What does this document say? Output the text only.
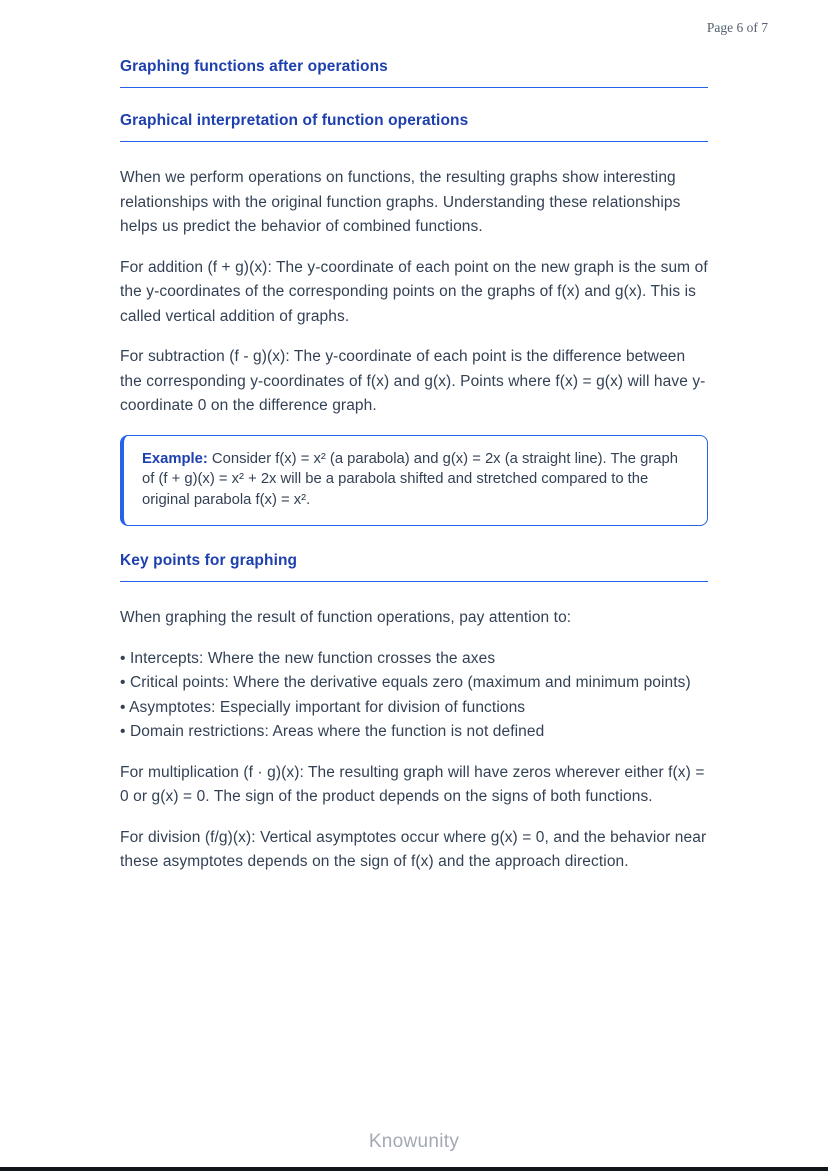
Page 6 of 7
Graphing functions after operations
Graphical interpretation of function operations

When we perform operations on functions, the resulting graphs show interesting relationships with the original function graphs. Understanding these relationships helps us predict the behavior of combined functions.

For addition (f + g)(x): The y-coordinate of each point on the new graph is the sum of the y-coordinates of the corresponding points on the graphs of f(x) and g(x). This is called vertical addition of graphs.

For subtraction (f - g)(x): The y-coordinate of each point is the difference between the corresponding y-coordinates of f(x) and g(x). Points where f(x) = g(x) will have y-coordinate 0 on the difference graph.

Example: Consider f(x) = x² (a parabola) and g(x) = 2x (a straight line). The graph of (f + g)(x) = x² + 2x will be a parabola shifted and stretched compared to the original parabola f(x) = x².
Key points for graphing

When graphing the result of function operations, pay attention to:

• Intercepts: Where the new function crosses the axes
• Critical points: Where the derivative equals zero (maximum and minimum points)
• Asymptotes: Especially important for division of functions
• Domain restrictions: Areas where the function is not defined

For multiplication (f · g)(x): The resulting graph will have zeros wherever either f(x) = 0 or g(x) = 0. The sign of the product depends on the signs of both functions.

For division (f/g)(x): Vertical asymptotes occur where g(x) = 0, and the behavior near these asymptotes depends on the sign of f(x) and the approach direction.

Knowunity
